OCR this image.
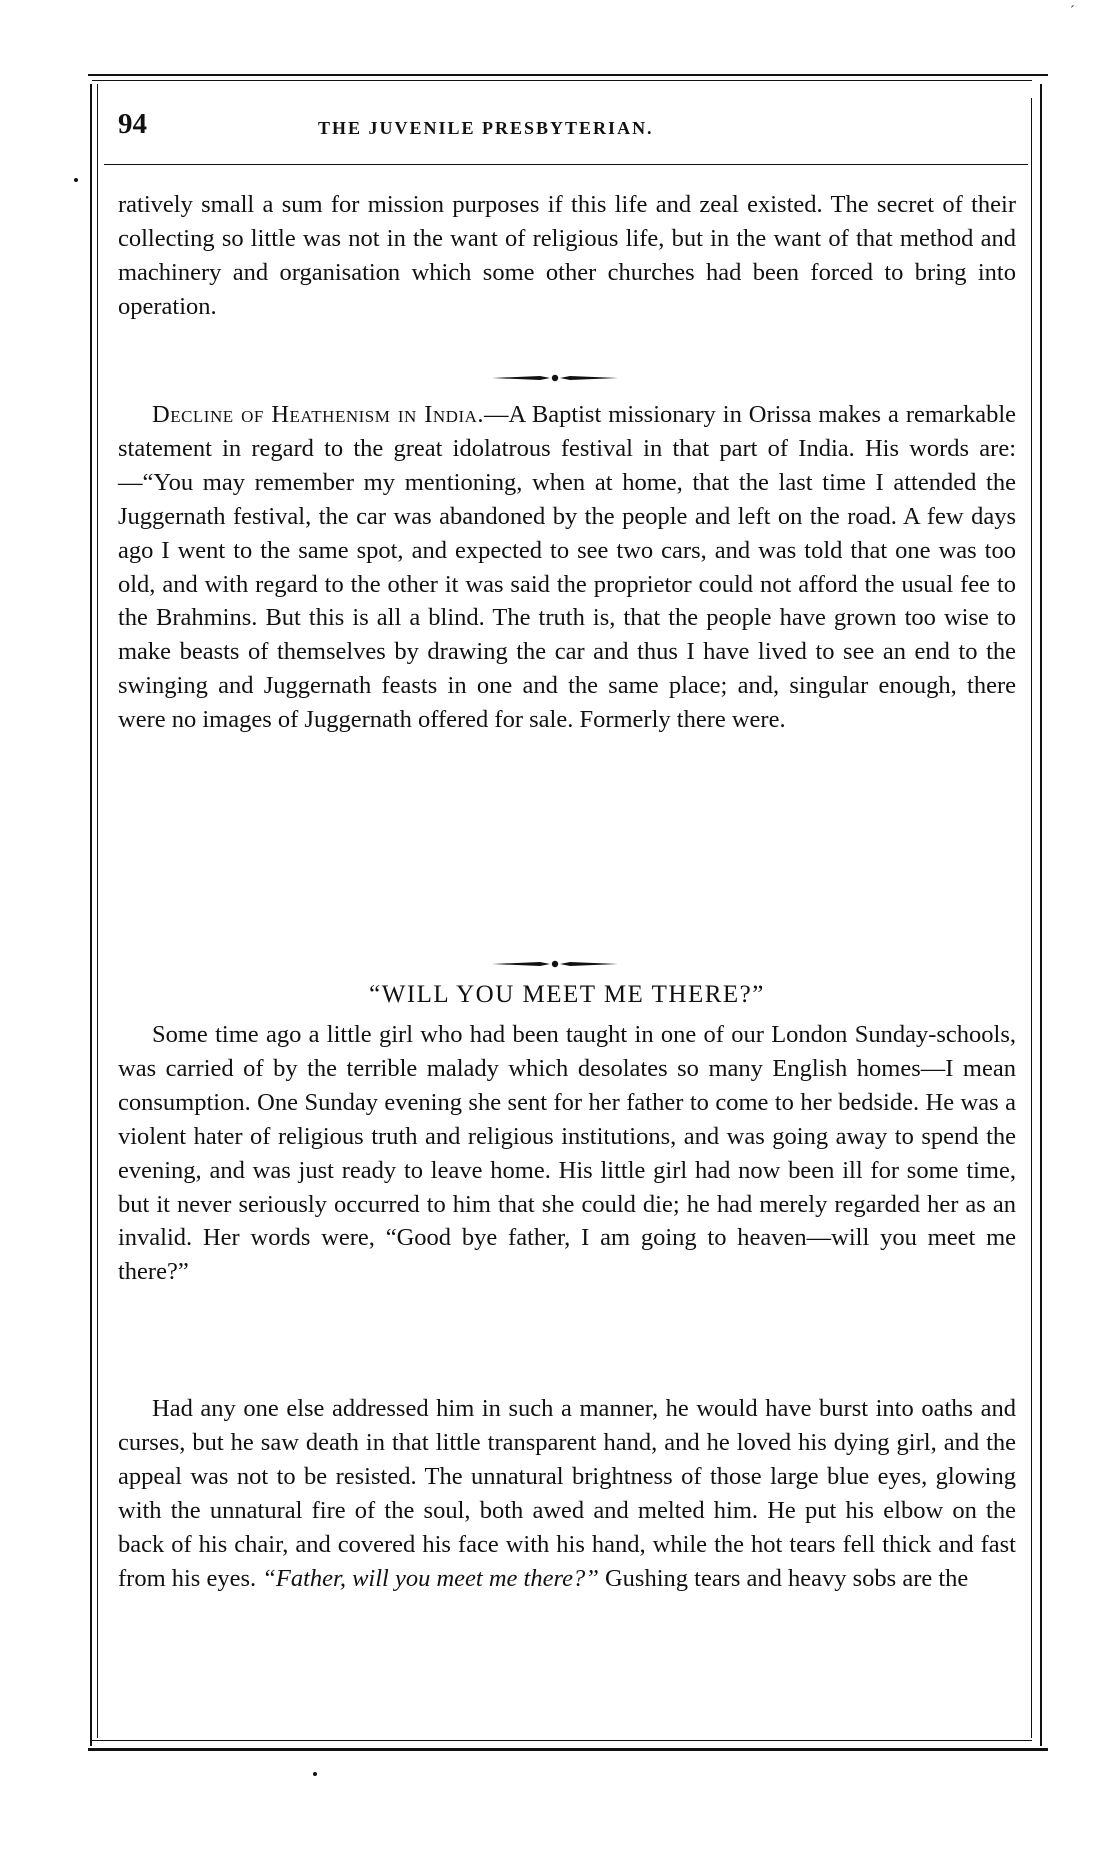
ˊ
94	THE JUVENILE PRESBYTERIAN.
ratively small a sum for mission purposes if this life and zeal existed. The secret of their collecting so little was not in the want of religious life, but in the want of that method and machinery and organisation which some other churches had been forced to bring into operation.
Decline of Heathenism in India.—A Baptist missionary in Orissa makes a remarkable statement in regard to the great idolatrous festival in that part of India. His words are:—“You may remember my mentioning, when at home, that the last time I attended the Juggernath festival, the car was abandoned by the people and left on the road. A few days ago I went to the same spot, and expected to see two cars, and was told that one was too old, and with regard to the other it was said the proprietor could not afford the usual fee to the Brahmins. But this is all a blind. The truth is, that the people have grown too wise to make beasts of themselves by drawing the car and thus I have lived to see an end to the swinging and Juggernath feasts in one and the same place; and, singular enough, there were no images of Juggernath offered for sale. Formerly there were.
“WILL YOU MEET ME THERE?”
Some time ago a little girl who had been taught in one of our London Sunday-schools, was carried of by the terrible malady which desolates so many English homes—I mean consumption. One Sunday evening she sent for her father to come to her bedside. He was a violent hater of religious truth and religious institutions, and was going away to spend the evening, and was just ready to leave home. His little girl had now been ill for some time, but it never seriously occurred to him that she could die; he had merely regarded her as an invalid. Her words were, “Good bye father, I am going to heaven—will you meet me there?”
Had any one else addressed him in such a manner, he would have burst into oaths and curses, but he saw death in that little transparent hand, and he loved his dying girl, and the appeal was not to be resisted. The unnatural brightness of those large blue eyes, glowing with the unnatural fire of the soul, both awed and melted him. He put his elbow on the back of his chair, and covered his face with his hand, while the hot tears fell thick and fast from his eyes. “Father, will you meet me there?” Gushing tears and heavy sobs are the
